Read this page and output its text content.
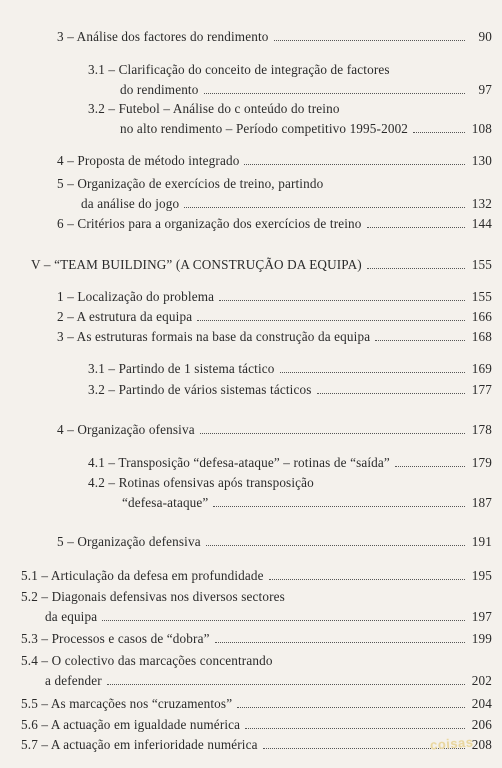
3 – Análise dos factores do rendimento	90
3.1 – Clarificação do conceito de integração de factores
do rendimento	97
3.2 – Futebol – Análise do c onteúdo do treino
no alto rendimento – Período competitivo 1995-2002	108
4 – Proposta de método integrado	130
5 – Organização de exercícios de treino, partindo
da análise do jogo	132
6 – Critérios para a organização dos exercícios de treino	144
V – “TEAM BUILDING” (A CONSTRUÇÃO DA EQUIPA)	155
1 – Localização do problema	155
2 – A estrutura da equipa	166
3 – As estruturas formais na base da construção da equipa	168
3.1 – Partindo de 1 sistema táctico	169
3.2 – Partindo de vários sistemas tácticos	177
4 – Organização ofensiva	178
4.1 – Transposição “defesa-ataque” – rotinas de “saída”	179
4.2 – Rotinas ofensivas após transposição
“defesa-ataque”	187
5 – Organização defensiva	191
5.1 – Articulação da defesa em profundidade	195
5.2 – Diagonais defensivas nos diversos sectores
da equipa	197
5.3 – Processos e casos de “dobra”	199
5.4 – O colectivo das marcações concentrando
a defender	202
5.5 – As marcações nos “cruzamentos”	204
5.6 – A actuação em igualdade numérica	206
5.7 – A actuação em inferioridade numérica	208
coisas
